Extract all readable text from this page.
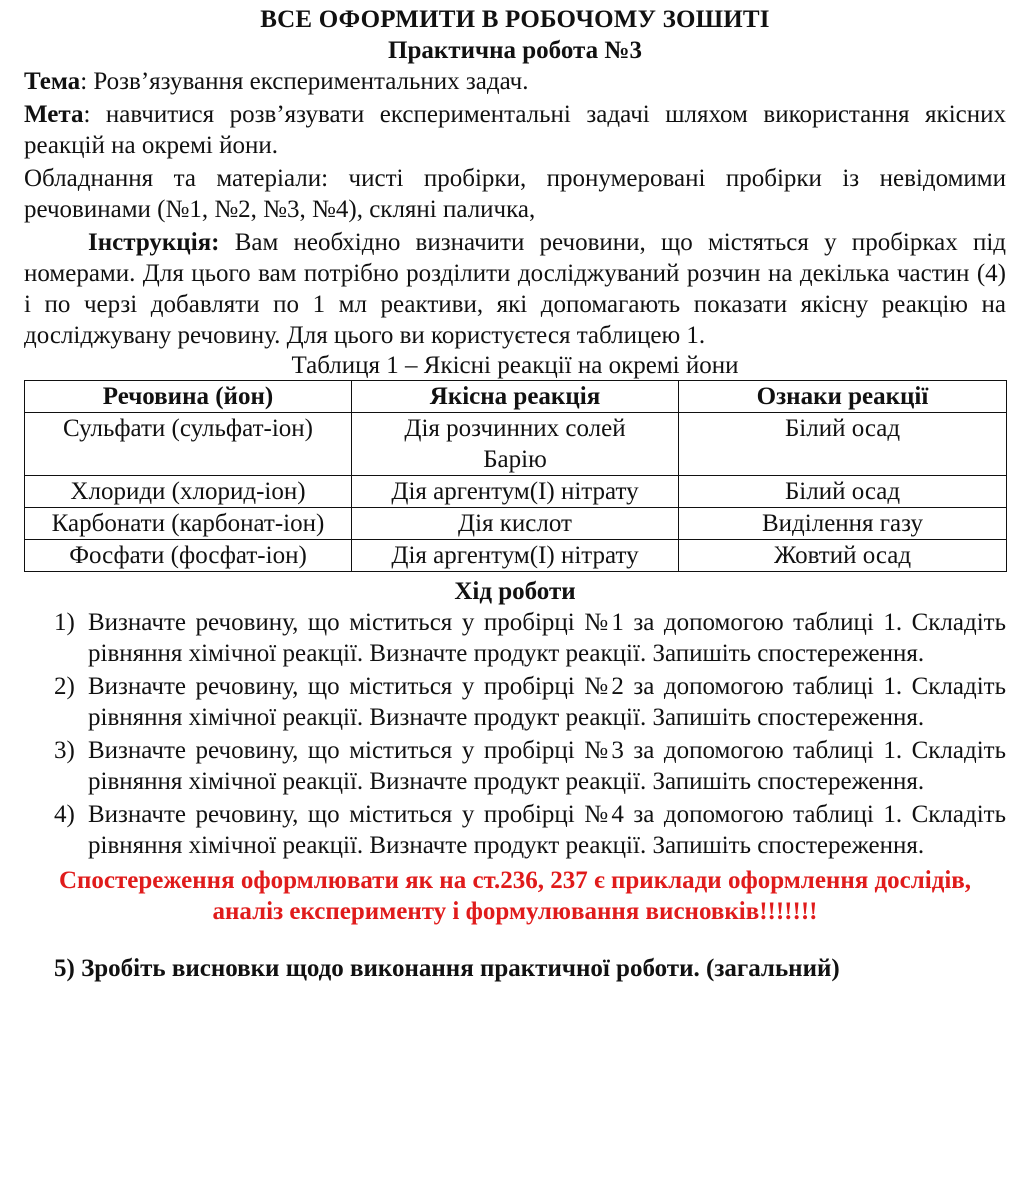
ВСЕ ОФОРМИТИ В РОБОЧОМУ ЗОШИТІ
Практична робота №3

Тема: Розв’язування експериментальних задач.

Мета: навчитися розв’язувати експериментальні задачі шляхом використання якісних реакцій на окремі йони.

Обладнання та матеріали: чисті пробірки, пронумеровані пробірки із невідомими речовинами (№1, №2, №3, №4), скляні паличка,

Інструкція: Вам необхідно визначити речовини, що містяться у пробірках під номерами. Для цього вам потрібно розділити досліджуваний розчин на декілька частин (4) і по черзі добавляти по 1 мл реактиви, які допомагають показати якісну реакцію на досліджувану речовину. Для цього ви користуєтеся таблицею 1.

Таблиця 1 – Якісні реакції на окремі йони
Речовина (йон)	Якісна реакція	Ознаки реакції
Сульфати (сульфат-іон)	Дія розчинних солей Барію	Білий осад
Хлориди (хлорид-іон)	Дія аргентум(I) нітрату	Білий осад
Карбонати (карбонат-іон)	Дія кислот	Виділення газу
Фосфати (фосфат-іон)	Дія аргентум(I) нітрату	Жовтий осад
Хід роботи
1) Визначте речовину, що міститься у пробірці №1 за допомогою таблиці 1. Складіть рівняння хімічної реакції. Визначте продукт реакції. Запишіть спостереження.
2) Визначте речовину, що міститься у пробірці №2 за допомогою таблиці 1. Складіть рівняння хімічної реакції. Визначте продукт реакції. Запишіть спостереження.
3) Визначте речовину, що міститься у пробірці №3 за допомогою таблиці 1. Складіть рівняння хімічної реакції. Визначте продукт реакції. Запишіть спостереження.
4) Визначте речовину, що міститься у пробірці №4 за допомогою таблиці 1. Складіть рівняння хімічної реакції. Визначте продукт реакції. Запишіть спостереження.
Спостереження оформлювати як на ст.236, 237 є приклади оформлення дослідів, аналіз експерименту і формулювання висновків!!!!!!!
5) Зробіть висновки щодо виконання практичної роботи. (загальний)
